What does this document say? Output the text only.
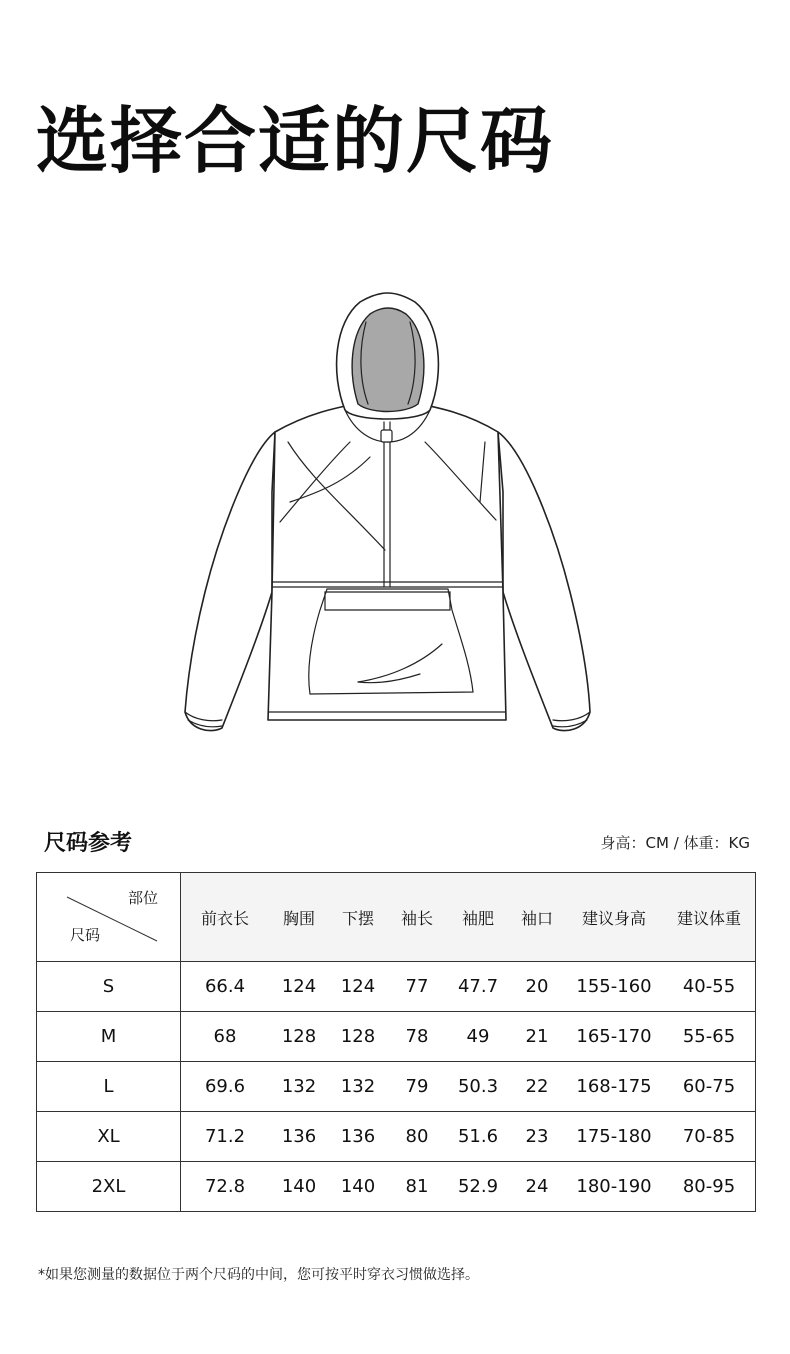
选择合适的尺码
尺码参考	身高：CM / 体重：KG
部位
尺码	前衣长	胸围	下摆	袖长	袖肥	袖口	建议身高	建议体重
S	66.4	124	124	77	47.7	20	155-160	40-55
M	68	128	128	78	49	21	165-170	55-65
L	69.6	132	132	79	50.3	22	168-175	60-75
XL	71.2	136	136	80	51.6	23	175-180	70-85
2XL	72.8	140	140	81	52.9	24	180-190	80-95
*如果您测量的数据位于两个尺码的中间，您可按平时穿衣习惯做选择。
